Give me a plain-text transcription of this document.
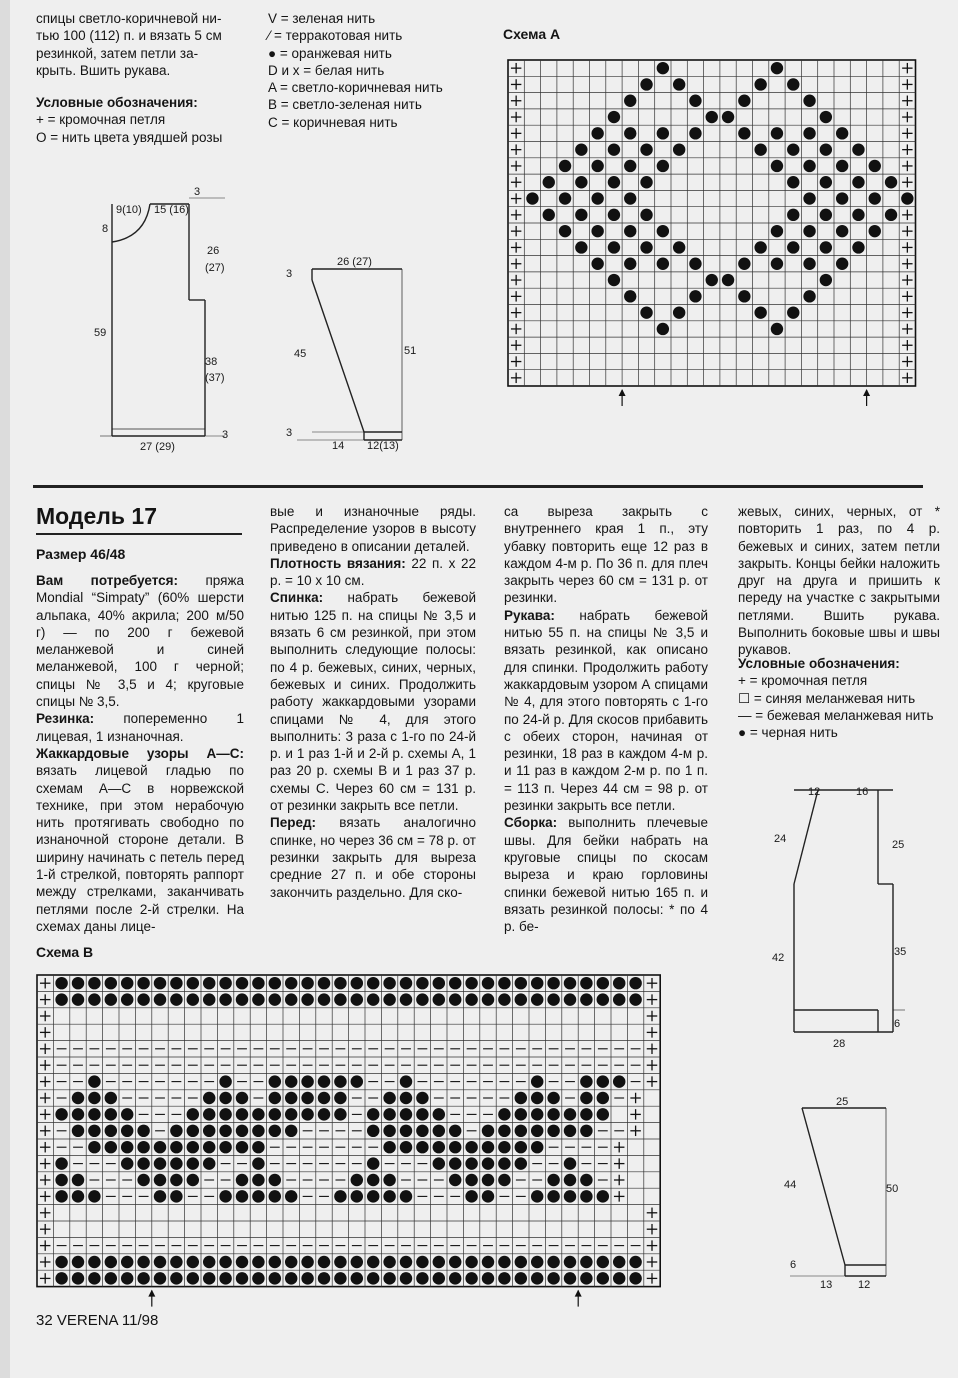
спицы светло-коричневой ни-

тью 100 (112) п. и вязать 5 см

резинкой, затем петли за-

крыть. Вшить рукава.

Условные обозначения:

+ = кромочная петля

O = нить цвета увядшей розы

V = зеленая нить

⁄ = терракотовая нить

● = оранжевая нить

D и x = белая нить

A = светло-коричневая нить

B = светло-зеленая нить

C = коричневая нить

Схема А
9(10) 15 (16)
3
8
26
(27)
59
38
(37)
27 (29)
3
26 (27)
3
45	51
3
14 12(13)
Модель 17
Размер 46/48

Вам потребуется: пряжа Mondial “Simpaty” (60% шерсти альпака, 40% акрила; 200 м/50 г) — по 200 г бежевой меланжевой и синей меланжевой, 100 г черной; спицы № 3,5 и 4; круговые спицы № 3,5.

Резинка: попеременно 1 лицевая, 1 изнаночная.

Жаккардовые узоры А—С: вязать лицевой гладью по схемам А—С в норвежской технике, при этом нерабочую нить протягивать свободно по изнаночной стороне детали. В ширину начинать с петель перед 1-й стрелкой, повторять раппорт между стрелками, заканчивать петлями после 2-й стрелки. На схемах даны лице-

вые и изнаночные ряды. Распределение узоров в высоту приведено в описании деталей.

Плотность вязания: 22 п. х 22 р. = 10 х 10 см.

Спинка: набрать бежевой нитью 125 п. на спицы № 3,5 и вязать 6 см резинкой, при этом выполнить следующие полосы: по 4 р. бежевых, синих, черных, бежевых и синих. Продолжить работу жаккардовыми узорами спицами № 4, для этого выполнить: 3 раза с 1-го по 24-й р. и 1 раз 1-й и 2-й р. схемы А, 1 раз 20 р. схемы В и 1 раз 37 р. схемы С. Через 60 см = 131 р. от резинки закрыть все петли.

Перед: вязать аналогично спинке, но через 36 см = 78 р. от резинки закрыть для выреза средние 27 п. и обе стороны закончить раздельно. Для ско-

са выреза закрыть с внутреннего края 1 п., эту убавку повторить еще 12 раз в каждом 4-м р. По 36 п. для плеч закрыть через 60 см = 131 р. от резинки.

Рукава: набрать бежевой нитью 55 п. на спицы № 3,5 и вязать резинкой, как описано для спинки. Продолжить работу жаккардовым узором А спицами № 4, для этого повторять с 1-го по 24-й р. Для скосов прибавить с обеих сторон, начиная от резинки, 18 раз в каждом 4-м р. и 11 раз в каждом 2-м р. по 1 п. = 113 п. Через 44 см = 98 р. от резинки закрыть все петли.

Сборка: выполнить плечевые швы. Для бейки набрать на круговые спицы по скосам выреза и краю горловины спинки бежевой нитью 165 п. и вязать резинкой полосы: * по 4 р. бе-

жевых, синих, черных, от * повторить 1 раз, по 4 р. бежевых и синих, затем петли закрыть. Концы бейки наложить друг на друга и пришить к переду на участке с закрытыми петлями. Вшить рукава. Выполнить боковые швы и швы рукавов.

Условные обозначения:

+ = кромочная петля

☐ = синяя меланжевая нить

— = бежевая меланжевая нить

● = черная нить

12	16
24	25
42	35
6
28
25
44	50
6
13 12
Схема В
32 VERENA 11/98
